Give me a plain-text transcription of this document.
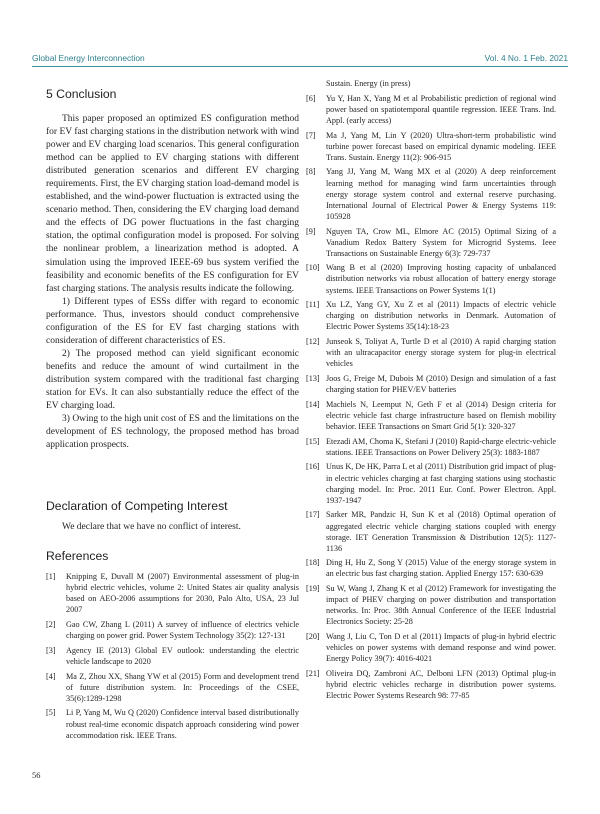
Global Energy Interconnection	Vol. 4 No. 1 Feb. 2021
5 Conclusion

This paper proposed an optimized ES configuration method for EV fast charging stations in the distribution network with wind power and EV charging load scenarios. This general configuration method can be applied to EV charging stations with different distributed generation scenarios and different EV charging requirements. First, the EV charging station load-demand model is established, and the wind-power fluctuation is extracted using the scenario method. Then, considering the EV charging load demand and the effects of DG power fluctuations in the fast charging station, the optimal configuration model is proposed. For solving the nonlinear problem, a linearization method is adopted. A simulation using the improved IEEE-69 bus system verified the feasibility and economic benefits of the ES configuration for EV fast charging stations. The analysis results indicate the following.

1) Different types of ESSs differ with regard to economic performance. Thus, investors should conduct comprehensive configuration of the ES for EV fast charging stations with consideration of different characteristics of ES.

2) The proposed method can yield significant economic benefits and reduce the amount of wind curtailment in the distribution system compared with the traditional fast charging station for EVs. It can also substantially reduce the effect of the EV charging load.

3) Owing to the high unit cost of ES and the limitations on the development of ES technology, the proposed method has broad application prospects.

Declaration of Competing Interest

We declare that we have no conflict of interest.

References
[1]	Knipping E, Duvall M (2007) Environmental assessment of plug-in hybrid electric vehicles, volume 2: United States air quality analysis based on AEO-2006 assumptions for 2030, Palo Alto, USA, 23 Jul 2007
[2]	Gao CW, Zhang L (2011) A survey of influence of electrics vehicle charging on power grid. Power System Technology 35(2): 127-131
[3]	Agency IE (2013) Global EV outlook: understanding the electric vehicle landscape to 2020
[4]	Ma Z, Zhou XX, Shang YW et al (2015) Form and development trend of future distribution system. In: Proceedings of the CSEE, 35(6):1289-1298
[5]	Li P, Yang M, Wu Q (2020) Confidence interval based distributionally robust real-time economic dispatch approach considering wind power accommodation risk. IEEE Trans.
Sustain. Energy (in press)
[6]	Yu Y, Han X, Yang M et al Probabilistic prediction of regional wind power based on spatiotemporal quantile regression. IEEE Trans. Ind. Appl. (early access)
[7]	Ma J, Yang M, Lin Y (2020) Ultra-short-term probabilistic wind turbine power forecast based on empirical dynamic modeling. IEEE Trans. Sustain. Energy 11(2): 906-915
[8]	Yang JJ, Yang M, Wang MX et al (2020) A deep reinforcement learning method for managing wind farm uncertainties through energy storage system control and external reserve purchasing. International Journal of Electrical Power & Energy Systems 119: 105928
[9]	Nguyen TA, Crow ML, Elmore AC (2015) Optimal Sizing of a Vanadium Redox Battery System for Microgrid Systems. Ieee Transactions on Sustainable Energy 6(3): 729-737
[10] Wang B et al (2020) Improving hosting capacity of unbalanced distribution networks via robust allocation of battery energy storage systems. IEEE Transactions on Power Systems 1(1)
[11] Xu LZ, Yang GY, Xu Z et al (2011) Impacts of electric vehicle charging on distribution networks in Denmark. Automation of Electric Power Systems 35(14):18-23
[12] Junseok S, Toliyat A, Turtle D et al (2010) A rapid charging station with an ultracapacitor energy storage system for plug-in electrical vehicles
[13] Joos G, Freige M, Dubois M (2010) Design and simulation of a fast charging station for PHEV/EV batteries
[14] Machiels N, Leemput N, Geth F et al (2014) Design criteria for electric vehicle fast charge infrastructure based on flemish mobility behavior. IEEE Transactions on Smart Grid 5(1): 320-327
[15] Etezadi AM, Choma K, Stefani J (2010) Rapid-charge electric-vehicle stations. IEEE Transactions on Power Delivery 25(3): 1883-1887
[16] Unus K, De HK, Parra L et al (2011) Distribution grid impact of plug-in electric vehicles charging at fast charging stations using stochastic charging model. In: Proc. 2011 Eur. Conf. Power Electron. Appl. 1937-1947
[17] Sarker MR, Pandzic H, Sun K et al (2018) Optimal operation of aggregated electric vehicle charging stations coupled with energy storage. IET Generation Transmission & Distribution 12(5): 1127-1136
[18] Ding H, Hu Z, Song Y (2015) Value of the energy storage system in an electric bus fast charging station. Applied Energy 157: 630-639
[19] Su W, Wang J, Zhang K et al (2012) Framework for investigating the impact of PHEV charging on power distribution and transportation networks. In: Proc. 38th Annual Conference of the IEEE Industrial Electronics Society: 25-28
[20] Wang J, Liu C, Ton D et al (2011) Impacts of plug-in hybrid electric vehicles on power systems with demand response and wind power. Energy Policy 39(7): 4016-4021
[21] Oliveira DQ, Zambroni AC, Delboni LFN (2013) Optimal plug-in hybrid electric vehicles recharge in distribution power systems. Electric Power Systems Research 98: 77-85
56
